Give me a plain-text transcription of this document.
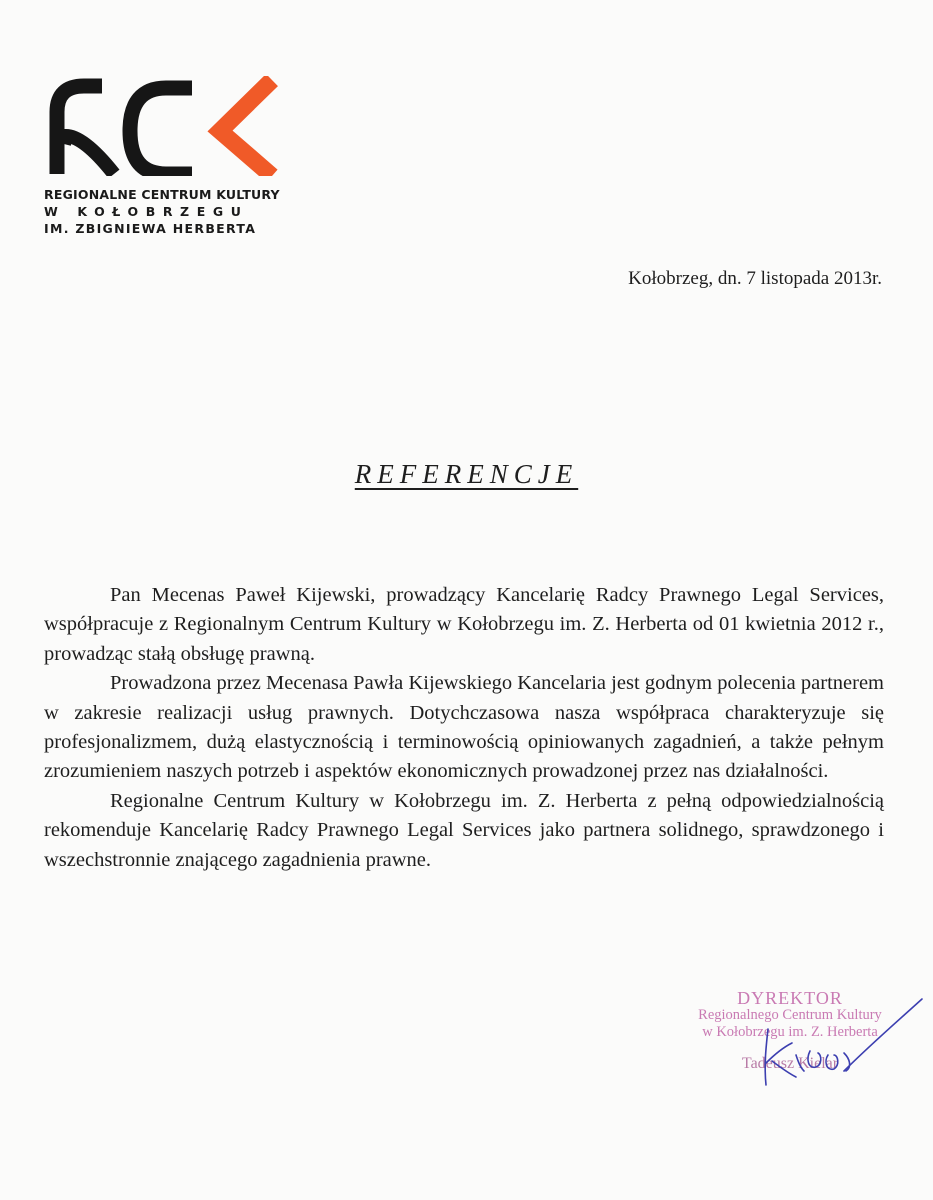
REGIONALNE CENTRUM KULTURY
W KOŁOBRZEGU
IM. ZBIGNIEWA HERBERTA
Kołobrzeg, dn. 7 listopada 2013r.
REFERENCJE

Pan Mecenas Paweł Kijewski, prowadzący Kancelarię Radcy Prawnego Legal Services, współpracuje z Regionalnym Centrum Kultury w Kołobrzegu im. Z. Herberta od 01 kwietnia 2012 r., prowadząc stałą obsługę prawną.

Prowadzona przez Mecenasa Pawła Kijewskiego Kancelaria jest godnym polecenia partnerem w zakresie realizacji usług prawnych. Dotychczasowa nasza współpraca charakteryzuje się profesjonalizmem, dużą elastycznością i terminowością opiniowanych zagadnień, a także pełnym zrozumieniem naszych potrzeb i aspektów ekonomicznych prowadzonej przez nas działalności.

Regionalne Centrum Kultury w Kołobrzegu im. Z. Herberta z pełną odpowiedzialnością rekomenduje Kancelarię Radcy Prawnego Legal Services jako partnera solidnego, sprawdzonego i wszechstronnie znającego zagadnienia prawne.

DYREKTOR
Regionalnego Centrum Kultury
w Kołobrzegu im. Z. Herberta
Tadeusz Kielar
